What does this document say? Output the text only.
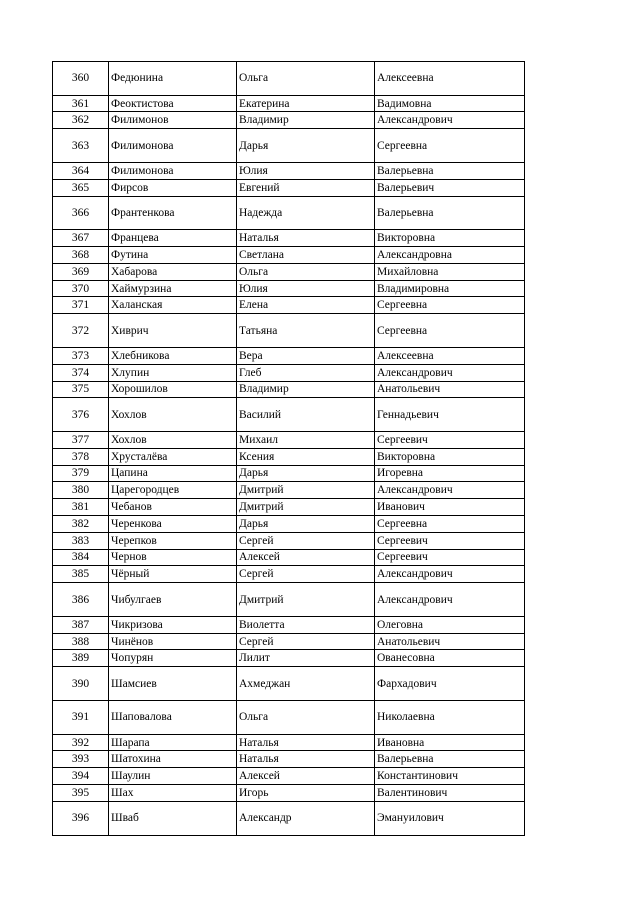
360	Федюнина	Ольга	Алексеевна
361	Феоктистова	Екатерина	Вадимовна
362	Филимонов	Владимир	Александрович
363	Филимонова	Дарья	Сергеевна
364	Филимонова	Юлия	Валерьевна
365	Фирсов	Евгений	Валерьевич
366	Франтенкова	Надежда	Валерьевна
367	Францева	Наталья	Викторовна
368	Футина	Светлана	Александровна
369	Хабарова	Ольга	Михайловна
370	Хаймурзина	Юлия	Владимировна
371	Халанская	Елена	Сергеевна
372	Хиврич	Татьяна	Сергеевна
373	Хлебникова	Вера	Алексеевна
374	Хлупин	Глеб	Александрович
375	Хорошилов	Владимир	Анатольевич
376	Хохлов	Василий	Геннадьевич
377	Хохлов	Михаил	Сергеевич
378	Хрусталёва	Ксения	Викторовна
379	Цапина	Дарья	Игоревна
380	Царегородцев	Дмитрий	Александрович
381	Чебанов	Дмитрий	Иванович
382	Черенкова	Дарья	Сергеевна
383	Черепков	Сергей	Сергеевич
384	Чернов	Алексей	Сергеевич
385	Чёрный	Сергей	Александрович
386	Чибулгаев	Дмитрий	Александрович
387	Чикризова	Виолетта	Олеговна
388	Чинёнов	Сергей	Анатольевич
389	Чопурян	Лилит	Ованесовна
390	Шамсиев	Ахмеджан	Фархадович
391	Шаповалова	Ольга	Николаевна
392	Шарапа	Наталья	Ивановна
393	Шатохина	Наталья	Валерьевна
394	Шаулин	Алексей	Константинович
395	Шах	Игорь	Валентинович
396	Шваб	Александр	Эмануилович
